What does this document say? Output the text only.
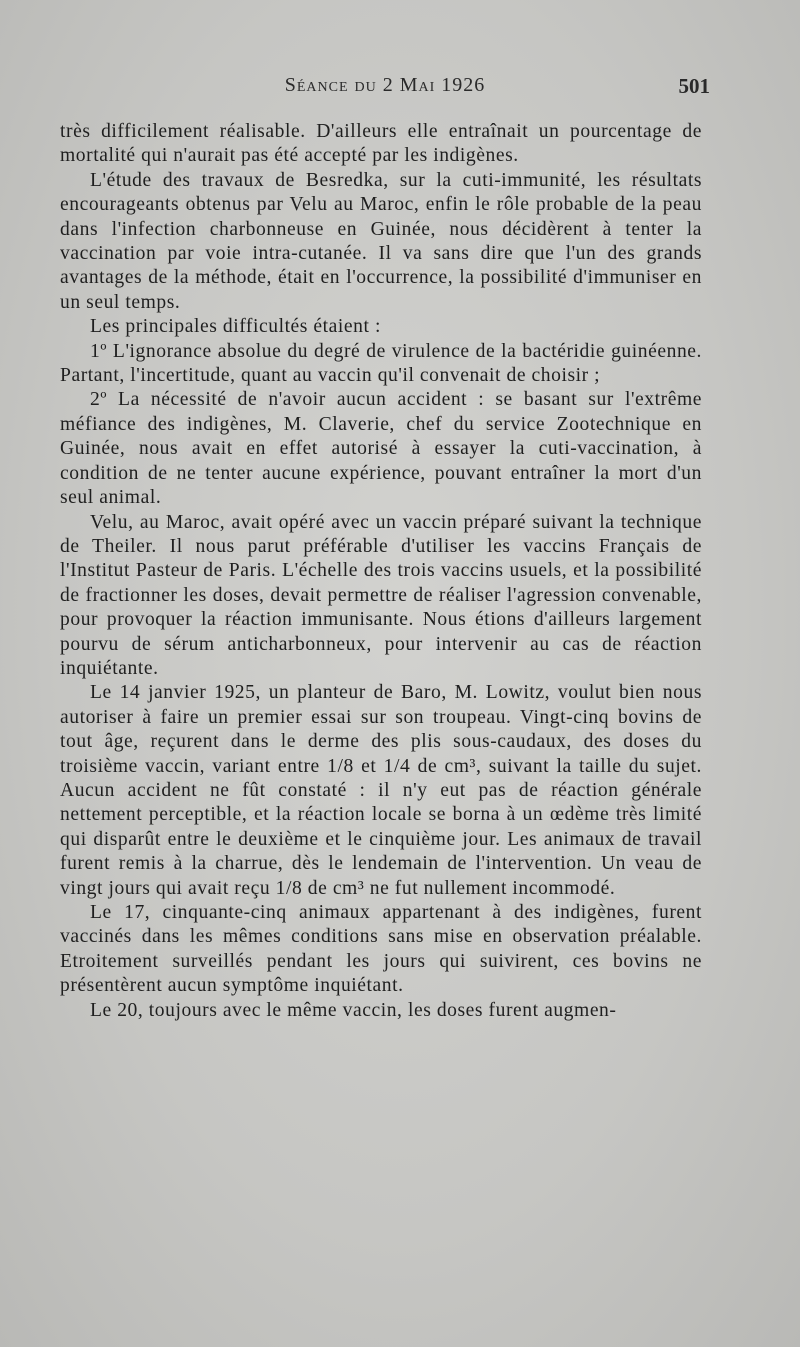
Séance du 2 Mai 1926	501

très difficilement réalisable. D'ailleurs elle entraînait un pourcentage de mortalité qui n'aurait pas été accepté par les indigènes.

L'étude des travaux de Besredka, sur la cuti-immunité, les résultats encourageants obtenus par Velu au Maroc, enfin le rôle probable de la peau dans l'infection charbonneuse en Guinée, nous décidèrent à tenter la vaccination par voie intra-cutanée. Il va sans dire que l'un des grands avantages de la méthode, était en l'occurrence, la possibilité d'immuniser en un seul temps.

Les principales difficultés étaient :

1º L'ignorance absolue du degré de virulence de la bactéridie guinéenne. Partant, l'incertitude, quant au vaccin qu'il convenait de choisir ;

2º La nécessité de n'avoir aucun accident : se basant sur l'extrême méfiance des indigènes, M. Claverie, chef du service Zootechnique en Guinée, nous avait en effet autorisé à essayer la cuti-vaccination, à condition de ne tenter aucune expérience, pouvant entraîner la mort d'un seul animal.

Velu, au Maroc, avait opéré avec un vaccin préparé suivant la technique de Theiler. Il nous parut préférable d'utiliser les vaccins Français de l'Institut Pasteur de Paris. L'échelle des trois vaccins usuels, et la possibilité de fractionner les doses, devait permettre de réaliser l'agression convenable, pour provoquer la réaction immunisante. Nous étions d'ailleurs largement pourvu de sérum anticharbonneux, pour intervenir au cas de réaction inquiétante.

Le 14 janvier 1925, un planteur de Baro, M. Lowitz, voulut bien nous autoriser à faire un premier essai sur son troupeau. Vingt-cinq bovins de tout âge, reçurent dans le derme des plis sous-caudaux, des doses du troisième vaccin, variant entre 1/8 et 1/4 de cm³, suivant la taille du sujet. Aucun accident ne fût constaté : il n'y eut pas de réaction générale nettement perceptible, et la réaction locale se borna à un œdème très limité qui disparût entre le deuxième et le cinquième jour. Les animaux de travail furent remis à la charrue, dès le lendemain de l'intervention. Un veau de vingt jours qui avait reçu 1/8 de cm³ ne fut nullement incommodé.

Le 17, cinquante-cinq animaux appartenant à des indigènes, furent vaccinés dans les mêmes conditions sans mise en observation préalable. Etroitement surveillés pendant les jours qui suivirent, ces bovins ne présentèrent aucun symptôme inquiétant.

Le 20, toujours avec le même vaccin, les doses furent augmen-
